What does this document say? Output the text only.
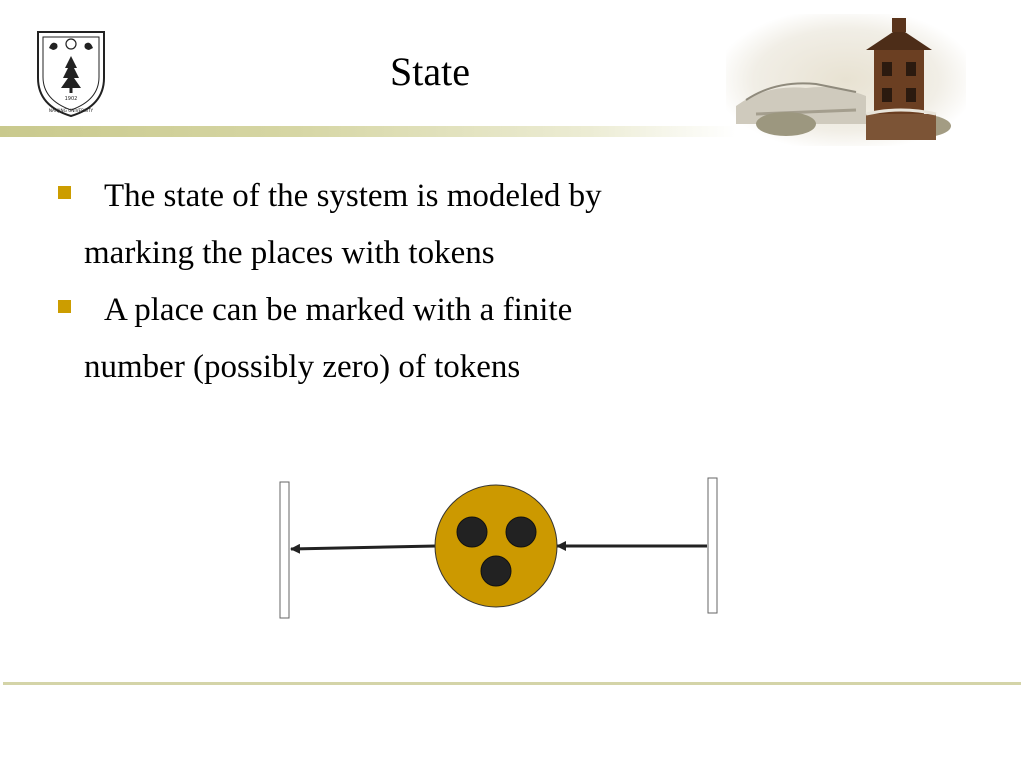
1902
NANJING UNIVERSITY
State
The state of the system is modeled by
marking the places with tokens
A place can be marked with a finite
number (possibly zero) of tokens
